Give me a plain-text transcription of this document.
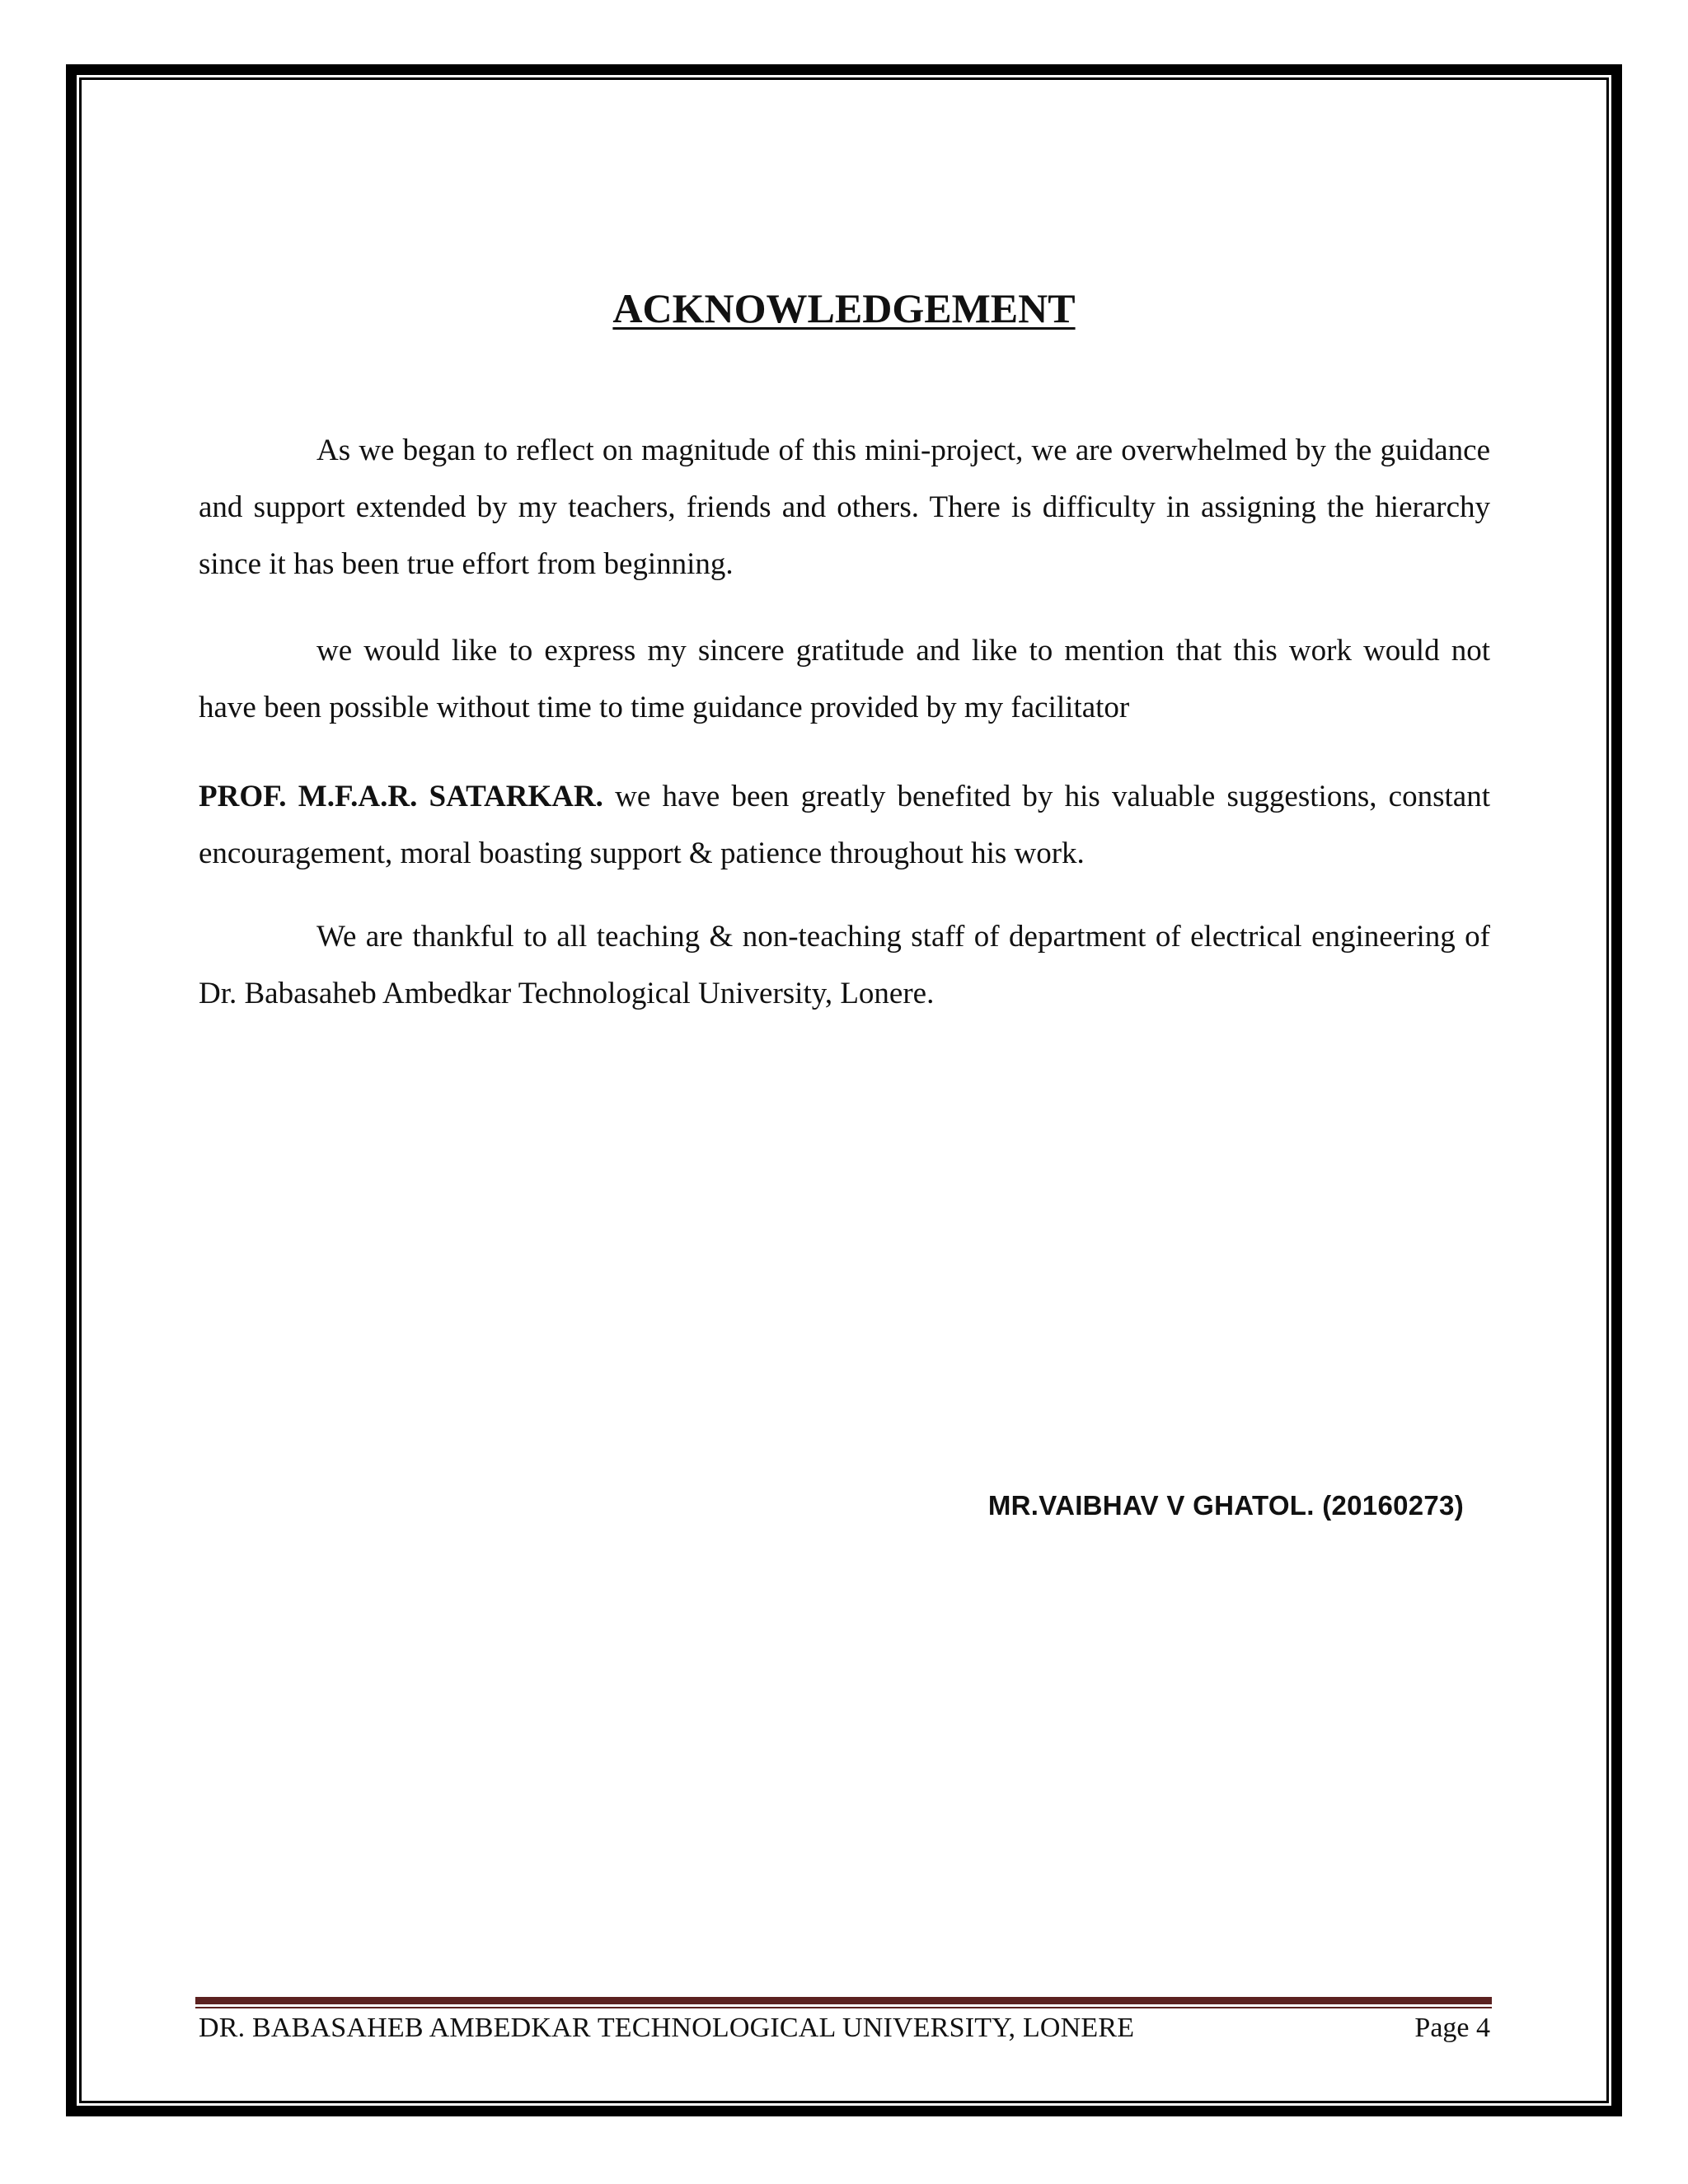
ACKNOWLEDGEMENT

As we began to reflect on magnitude of this mini-project, we are overwhelmed by the guidance and support extended by my teachers, friends and others. There is difficulty in assigning the hierarchy since it has been true effort from beginning.

we would like to express my sincere gratitude and like to mention that this work would not have been possible without time to time guidance provided by my facilitator

PROF. M.F.A.R. SATARKAR. we have been greatly benefited by his valuable suggestions, constant encouragement, moral boasting support & patience throughout his work.

We are thankful to all teaching & non-teaching staff of department of electrical engineering of Dr. Babasaheb Ambedkar Technological University, Lonere.

MR.VAIBHAV V GHATOL. (20160273)
DR. BABASAHEB AMBEDKAR TECHNOLOGICAL UNIVERSITY, LONERE	Page 4
